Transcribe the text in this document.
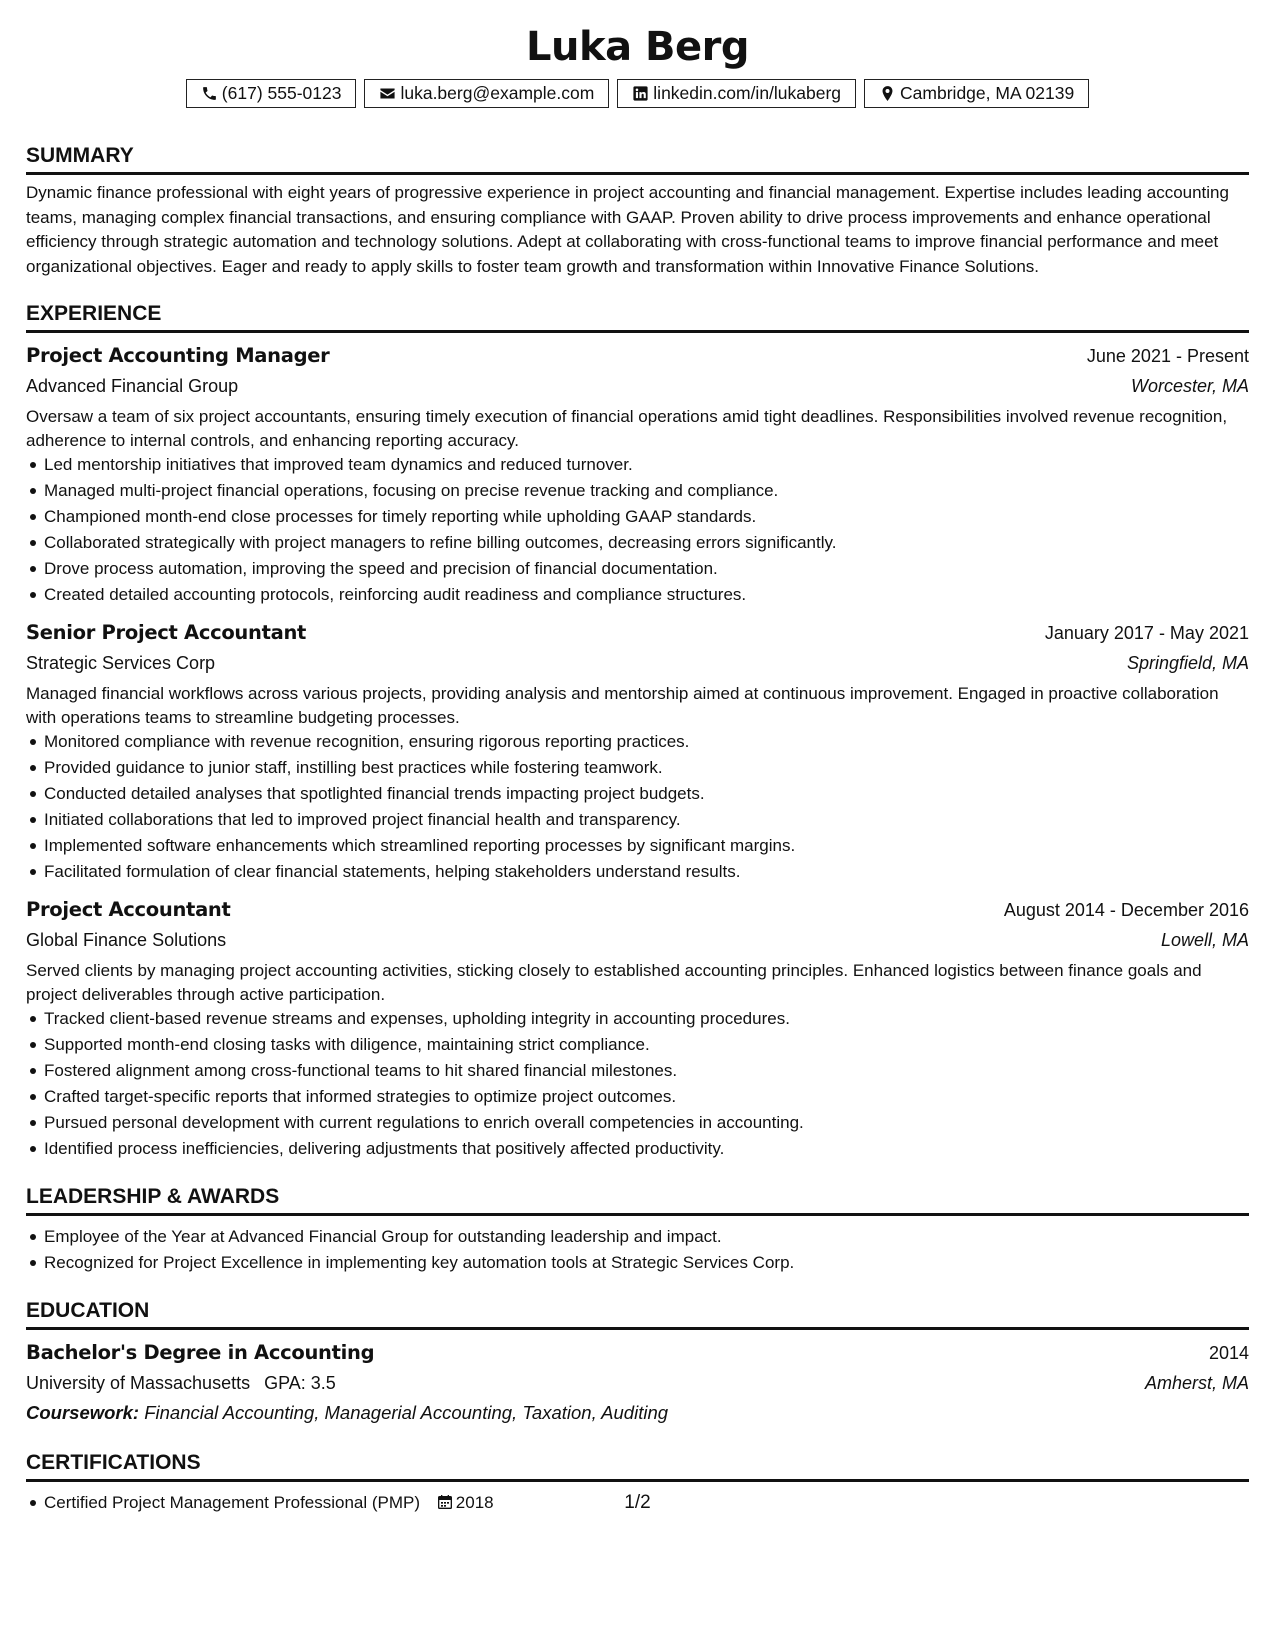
Luka Berg
(617) 555-0123	luka.berg@example.com	linkedin.com/in/lukaberg	Cambridge, MA 02139
SUMMARY

Dynamic finance professional with eight years of progressive experience in project accounting and financial management. Expertise includes leading accounting teams, managing complex financial transactions, and ensuring compliance with GAAP. Proven ability to drive process improvements and enhance operational efficiency through strategic automation and technology solutions. Adept at collaborating with cross-functional teams to improve financial performance and meet organizational objectives. Eager and ready to apply skills to foster team growth and transformation within Innovative Finance Solutions.

EXPERIENCE
Project Accounting Manager	June 2021 - Present
Advanced Financial Group	Worcester, MA

Oversaw a team of six project accountants, ensuring timely execution of financial operations amid tight deadlines. Responsibilities involved revenue recognition, adherence to internal controls, and enhancing reporting accuracy.

Led mentorship initiatives that improved team dynamics and reduced turnover.
Managed multi-project financial operations, focusing on precise revenue tracking and compliance.
Championed month-end close processes for timely reporting while upholding GAAP standards.
Collaborated strategically with project managers to refine billing outcomes, decreasing errors significantly.
Drove process automation, improving the speed and precision of financial documentation.
Created detailed accounting protocols, reinforcing audit readiness and compliance structures.
Senior Project Accountant	January 2017 - May 2021
Strategic Services Corp	Springfield, MA

Managed financial workflows across various projects, providing analysis and mentorship aimed at continuous improvement. Engaged in proactive collaboration with operations teams to streamline budgeting processes.

Monitored compliance with revenue recognition, ensuring rigorous reporting practices.
Provided guidance to junior staff, instilling best practices while fostering teamwork.
Conducted detailed analyses that spotlighted financial trends impacting project budgets.
Initiated collaborations that led to improved project financial health and transparency.
Implemented software enhancements which streamlined reporting processes by significant margins.
Facilitated formulation of clear financial statements, helping stakeholders understand results.
Project Accountant	August 2014 - December 2016
Global Finance Solutions	Lowell, MA

Served clients by managing project accounting activities, sticking closely to established accounting principles. Enhanced logistics between finance goals and project deliverables through active participation.

Tracked client-based revenue streams and expenses, upholding integrity in accounting procedures.
Supported month-end closing tasks with diligence, maintaining strict compliance.
Fostered alignment among cross-functional teams to hit shared financial milestones.
Crafted target-specific reports that informed strategies to optimize project outcomes.
Pursued personal development with current regulations to enrich overall competencies in accounting.
Identified process inefficiencies, delivering adjustments that positively affected productivity.
LEADERSHIP & AWARDS
Employee of the Year at Advanced Financial Group for outstanding leadership and impact.
Recognized for Project Excellence in implementing key automation tools at Strategic Services Corp.
EDUCATION
Bachelor's Degree in Accounting	2014
University of Massachusetts GPA: 3.5	Amherst, MA
Coursework: Financial Accounting, Managerial Accounting, Taxation, Auditing
CERTIFICATIONS
Certified Project Management Professional (PMP) 2018	1/2
